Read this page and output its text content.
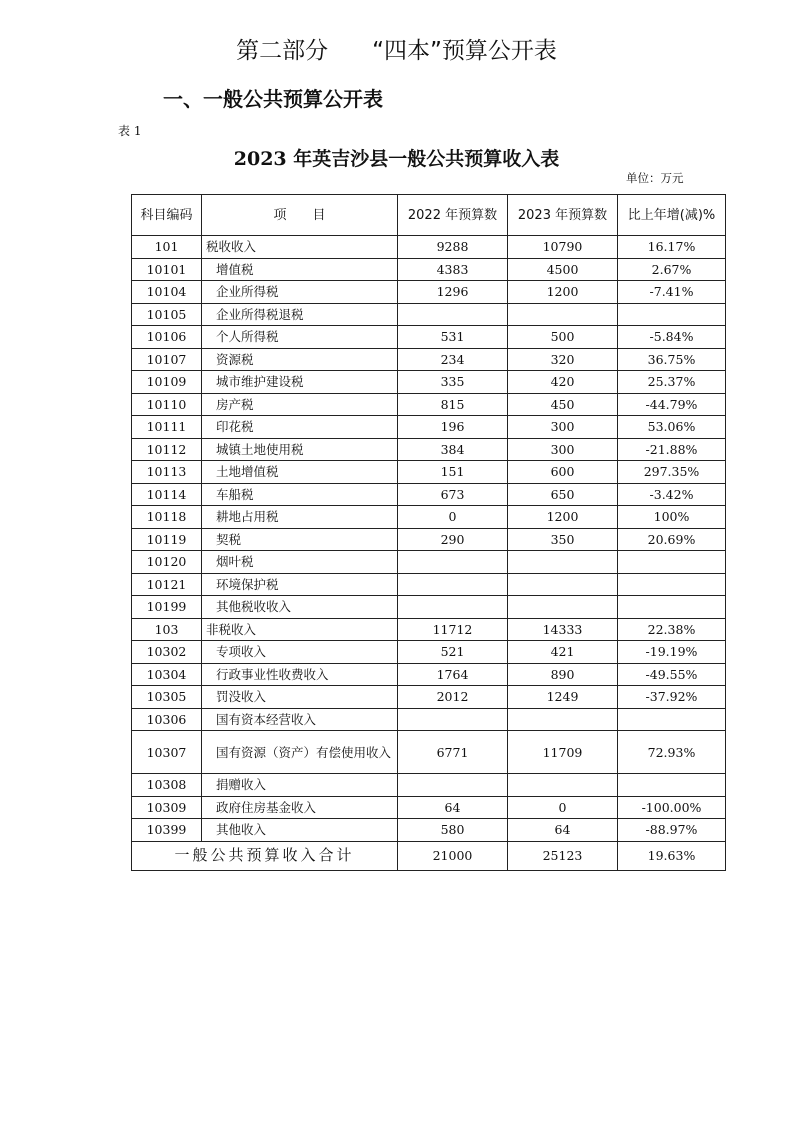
第二部分 “四本”预算公开表
一、一般公共预算公开表
表 1
2023 年英吉沙县一般公共预算收入表
单位：万元
科目编码	项　　目	2022 年预算数	2023 年预算数	比上年增(减)%
101	税收收入	9288	10790	16.17%
10101	增值税	4383	4500	2.67%
10104	企业所得税	1296	1200	-7.41%
10105	企业所得税退税			
10106	个人所得税	531	500	-5.84%
10107	资源税	234	320	36.75%
10109	城市维护建设税	335	420	25.37%
10110	房产税	815	450	-44.79%
10111	印花税	196	300	53.06%
10112	城镇土地使用税	384	300	-21.88%
10113	土地增值税	151	600	297.35%
10114	车船税	673	650	-3.42%
10118	耕地占用税	0	1200	100%
10119	契税	290	350	20.69%
10120	烟叶税			
10121	环境保护税			
10199	其他税收收入			
103	非税收入	11712	14333	22.38%
10302	专项收入	521	421	-19.19%
10304	行政事业性收费收入	1764	890	-49.55%
10305	罚没收入	2012	1249	-37.92%
10306	国有资本经营收入			
10307	国有资源（资产）有偿使用收入	6771	11709	72.93%
10308	捐赠收入			
10309	政府住房基金收入	64	0	-100.00%
10399	其他收入	580	64	-88.97%
一般公共预算收入合计		21000	25123	19.63%
